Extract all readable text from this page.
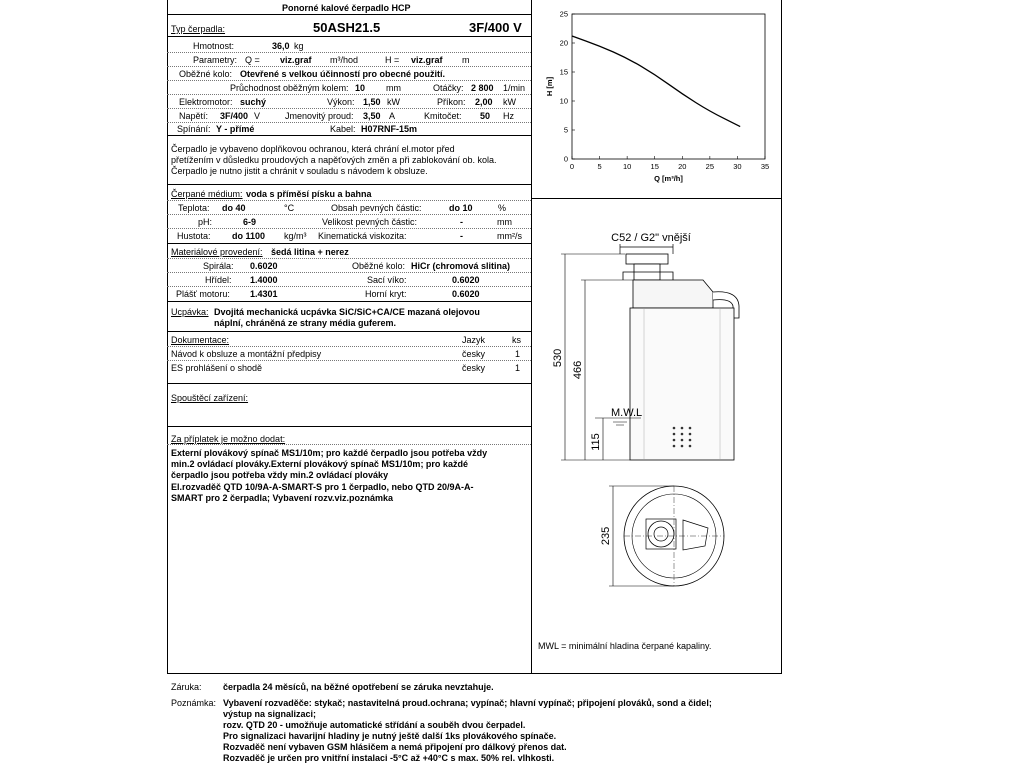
Ponorné kalové čerpadlo HCP
Typ čerpadla:	50ASH21.5	3F/400 V
Hmotnost:	36,0 kg
Parametry: Q = viz.graf m³/hod	H = viz.graf m
Oběžné kolo: Otevřené s velkou účinností pro obecné použití.
Průchodnost oběžným kolem: 10 mm	Otáčky: 2 800 1/min
Elektromotor: suchý	Výkon: 1,50 kW	Příkon: 2,00 kW
Napětí: 3F/400 V	Jmenovitý proud: 3,50 A	Kmitočet: 50 Hz
Spínání: Y - přímé	Kabel: H07RNF-15m
Čerpadlo je vybaveno doplňkovou ochranou, která chrání el.motor před
přetížením v důsledku proudových a napěťových změn a při zablokování ob. kola.
Čerpadlo je nutno jistit a chránit v souladu s návodem k obsluze.
Čerpané médium: voda s příměsí písku a bahna
Teplota: do 40	°C	Obsah pevných částic:	do 10	%
pH:	6-9	Velikost pevných částic:	-	mm
Hustota: do 1100 kg/m³ Kinematická viskozita:	-	mm²/s
Materiálové provedení: šedá litina + nerez
Spirála: 0.6020	Oběžné kolo: HiCr (chromová slitina)
Hřídel: 1.4000	Sací víko:	0.6020
Plášť motoru: 1.4301	Horní kryt:	0.6020
Ucpávka: Dvojitá mechanická ucpávka SiC/SiC+CA/CE mazaná olejovou
náplní, chráněná ze strany média guferem.
Dokumentace:	Jazyk	ks
Návod k obsluze a montážní předpisy	česky	1
ES prohlášení o shodě	česky	1
Spouštěcí zařízení:
Za příplatek je možno dodat:
Externí plovákový spínač MS1/10m; pro každé čerpadlo jsou potřeba vždy
min.2 ovládací plováky.Externí plovákový spínač MS1/10m; pro každé
čerpadlo jsou potřeba vždy min.2 ovládací plováky
El.rozvaděč QTD 10/9A-A-SMART-S pro 1 čerpadlo, nebo QTD 20/9A-A-
SMART pro 2 čerpadla; Vybavení rozv.viz.poznámka
0	5	10	15	20	25	30	35
0
5
10
15
20
25
Q [m³/h]
H [m]
C52 / G2" vnější
530
466
115
M.W.L
235
MWL = minimální hladina čerpané kapaliny.
Záruka: čerpadla 24 měsíců, na běžné opotřebení se záruka nevztahuje.
Poznámka: Vybavení rozvaděče: stykač; nastavitelná proud.ochrana; vypínač; hlavní vypínač; připojení plováků, sond a čidel;
výstup na signalizaci;
rozv. QTD 20 - umožňuje automatické střídání a souběh dvou čerpadel.
Pro signalizaci havarijní hladiny je nutný ještě další 1ks plovákového spínače.
Rozvaděč není vybaven GSM hlásičem a nemá připojení pro dálkový přenos dat.
Rozvaděč je určen pro vnitřní instalaci -5°C až +40°C s max. 50% rel. vlhkosti.
